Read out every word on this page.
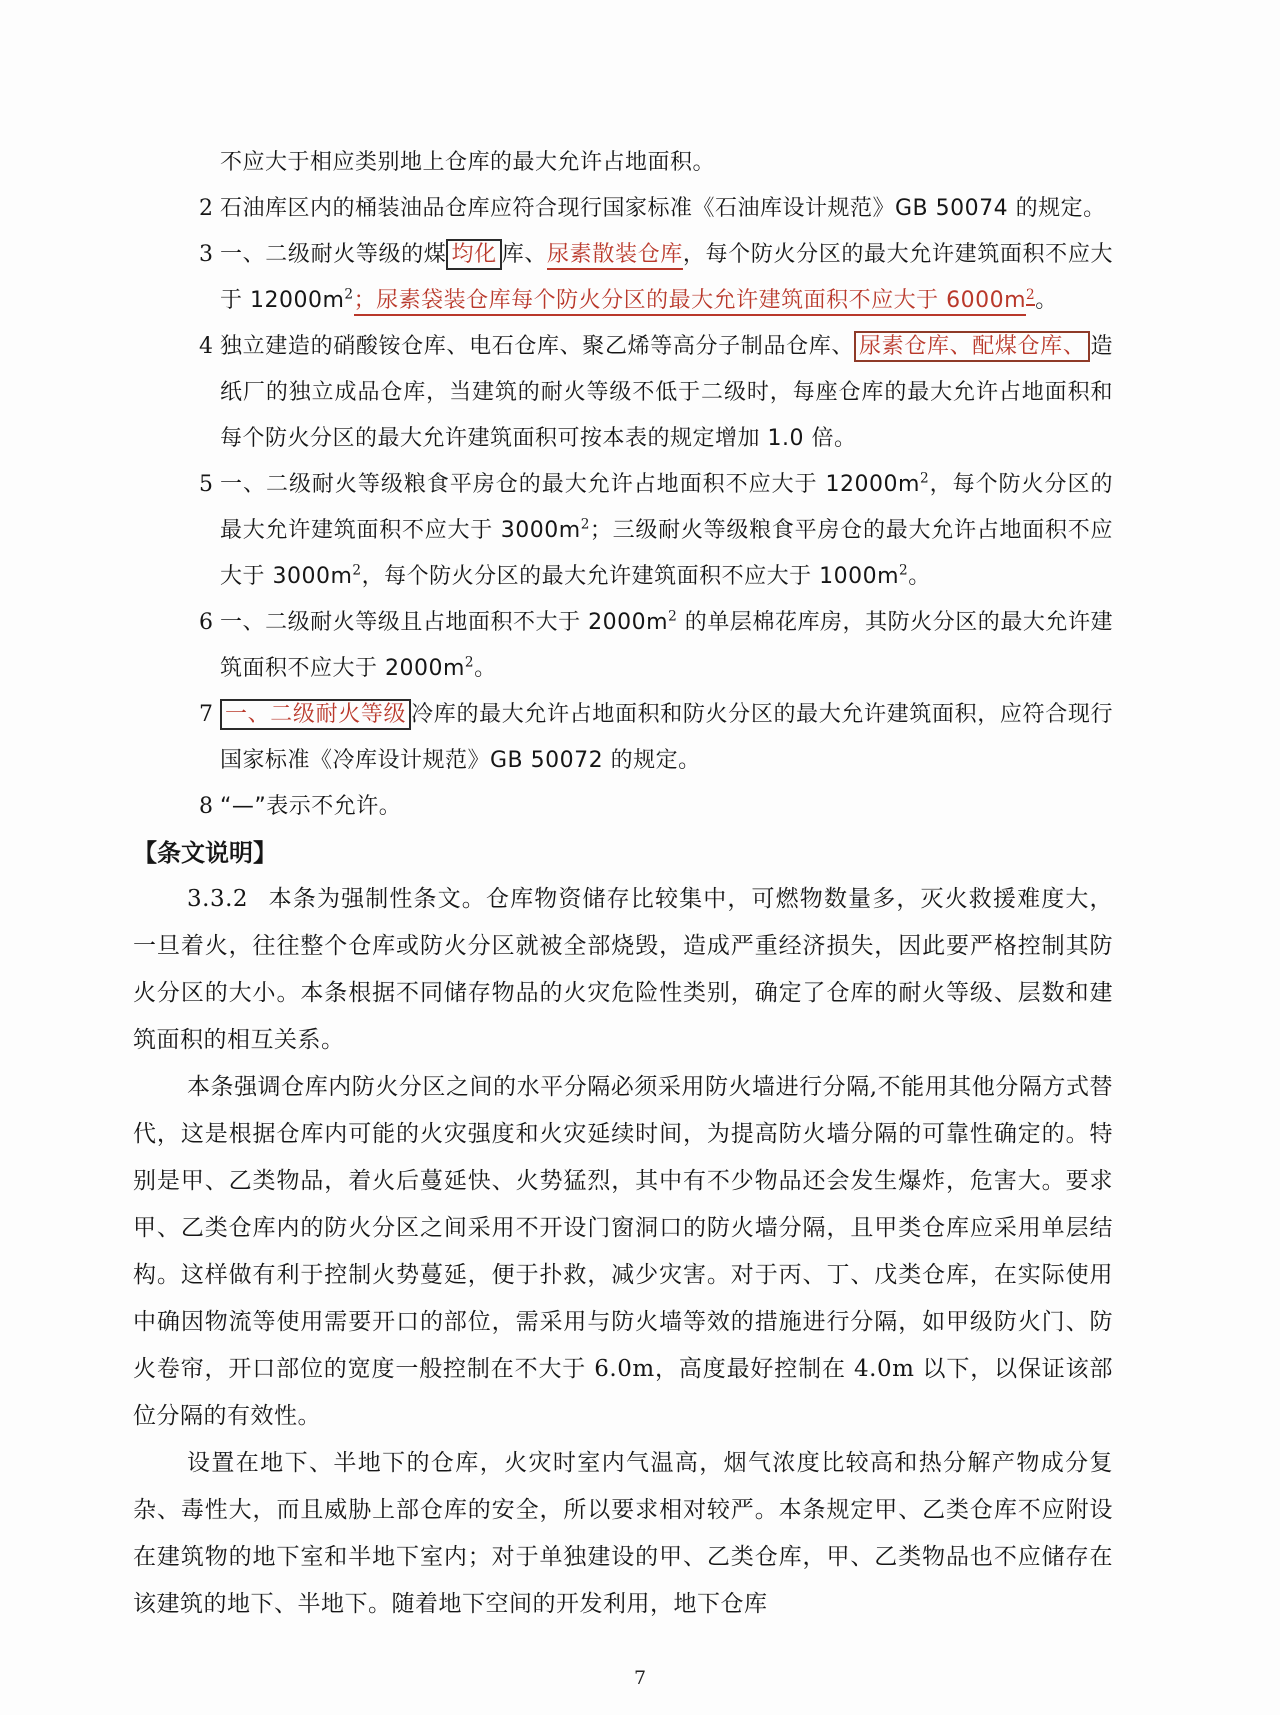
不应大于相应类别地上仓库的最大允许占地面积。
2 石油库区内的桶装油品仓库应符合现行国家标准《石油库设计规范》GB 50074 的规定。
3 一、二级耐火等级的煤 均化 库、尿素散装仓库，每个防火分区的最大允许建筑面积不应大于 $12000m^2$；尿素袋装仓库每个防火分区的最大允许建筑面积不应大于 $6000m^2$。
4 独立建造的硝酸铵仓库、电石仓库、聚乙烯等高分子制品仓库、 尿素仓库、配煤仓库、 造纸厂的独立成品仓库，当建筑的耐火等级不低于二级时，每座仓库的最大允许占地面积和每个防火分区的最大允许建筑面积可按本表的规定增加 1.0 倍。
5 一、二级耐火等级粮食平房仓的最大允许占地面积不应大于 $12000m^2$，每个防火分区的最大允许建筑面积不应大于 $3000m^2$；三级耐火等级粮食平房仓的最大允许占地面积不应大于 $3000m^2$，每个防火分区的最大允许建筑面积不应大于 $1000m^2$。
6 一、二级耐火等级且占地面积不大于 $2000m^2$ 的单层棉花库房，其防火分区的最大允许建筑面积不应大于 $2000m^2$。
7 一、二级耐火等级 冷库的最大允许占地面积和防火分区的最大允许建筑面积，应符合现行国家标准《冷库设计规范》GB 50072 的规定。
8 “—”表示不允许。
【条文说明】

3.3.2 本条为强制性条文。仓库物资储存比较集中，可燃物数量多，灭火救援难度大，一旦着火，往往整个仓库或防火分区就被全部烧毁，造成严重经济损失，因此要严格控制其防火分区的大小。本条根据不同储存物品的火灾危险性类别，确定了仓库的耐火等级、层数和建筑面积的相互关系。

本条强调仓库内防火分区之间的水平分隔必须采用防火墙进行分隔,不能用其他分隔方式替代，这是根据仓库内可能的火灾强度和火灾延续时间，为提高防火墙分隔的可靠性确定的。特别是甲、乙类物品，着火后蔓延快、火势猛烈，其中有不少物品还会发生爆炸，危害大。要求甲、乙类仓库内的防火分区之间采用不开设门窗洞口的防火墙分隔，且甲类仓库应采用单层结构。这样做有利于控制火势蔓延，便于扑救，减少灾害。对于丙、丁、戊类仓库，在实际使用中确因物流等使用需要开口的部位，需采用与防火墙等效的措施进行分隔，如甲级防火门、防火卷帘，开口部位的宽度一般控制在不大于 6.0m，高度最好控制在 4.0m 以下，以保证该部位分隔的有效性。

设置在地下、半地下的仓库，火灾时室内气温高，烟气浓度比较高和热分解产物成分复杂、毒性大，而且威胁上部仓库的安全，所以要求相对较严。本条规定甲、乙类仓库不应附设在建筑物的地下室和半地下室内；对于单独建设的甲、乙类仓库，甲、乙类物品也不应储存在该建筑的地下、半地下。随着地下空间的开发利用，地下仓库

7
